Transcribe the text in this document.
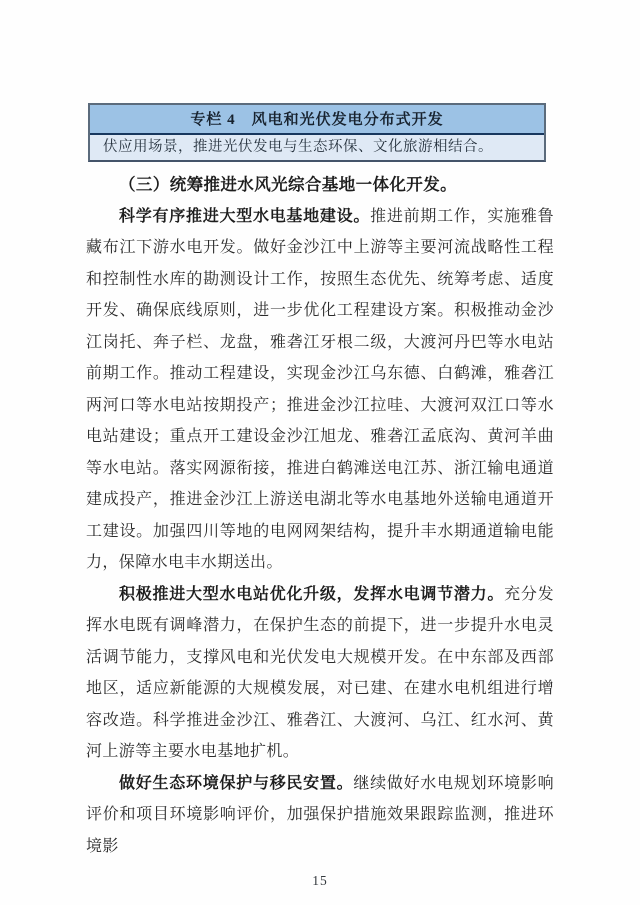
专栏 4　风电和光伏发电分布式开发
伏应用场景，推进光伏发电与生态环保、文化旅游相结合。
（三）统筹推进水风光综合基地一体化开发。
科学有序推进大型水电基地建设。推进前期工作，实施雅鲁藏布江下游水电开发。做好金沙江中上游等主要河流战略性工程和控制性水库的勘测设计工作，按照生态优先、统筹考虑、适度开发、确保底线原则，进一步优化工程建设方案。积极推动金沙江岗托、奔子栏、龙盘，雅砻江牙根二级，大渡河丹巴等水电站前期工作。推动工程建设，实现金沙江乌东德、白鹤滩，雅砻江两河口等水电站按期投产；推进金沙江拉哇、大渡河双江口等水电站建设；重点开工建设金沙江旭龙、雅砻江孟底沟、黄河羊曲等水电站。落实网源衔接，推进白鹤滩送电江苏、浙江输电通道建成投产，推进金沙江上游送电湖北等水电基地外送输电通道开工建设。加强四川等地的电网网架结构，提升丰水期通道输电能力，保障水电丰水期送出。
积极推进大型水电站优化升级，发挥水电调节潜力。充分发挥水电既有调峰潜力，在保护生态的前提下，进一步提升水电灵活调节能力，支撑风电和光伏发电大规模开发。在中东部及西部地区，适应新能源的大规模发展，对已建、在建水电机组进行增容改造。科学推进金沙江、雅砻江、大渡河、乌江、红水河、黄河上游等主要水电基地扩机。
做好生态环境保护与移民安置。继续做好水电规划环境影响评价和项目环境影响评价，加强保护措施效果跟踪监测，推进环境影
15
